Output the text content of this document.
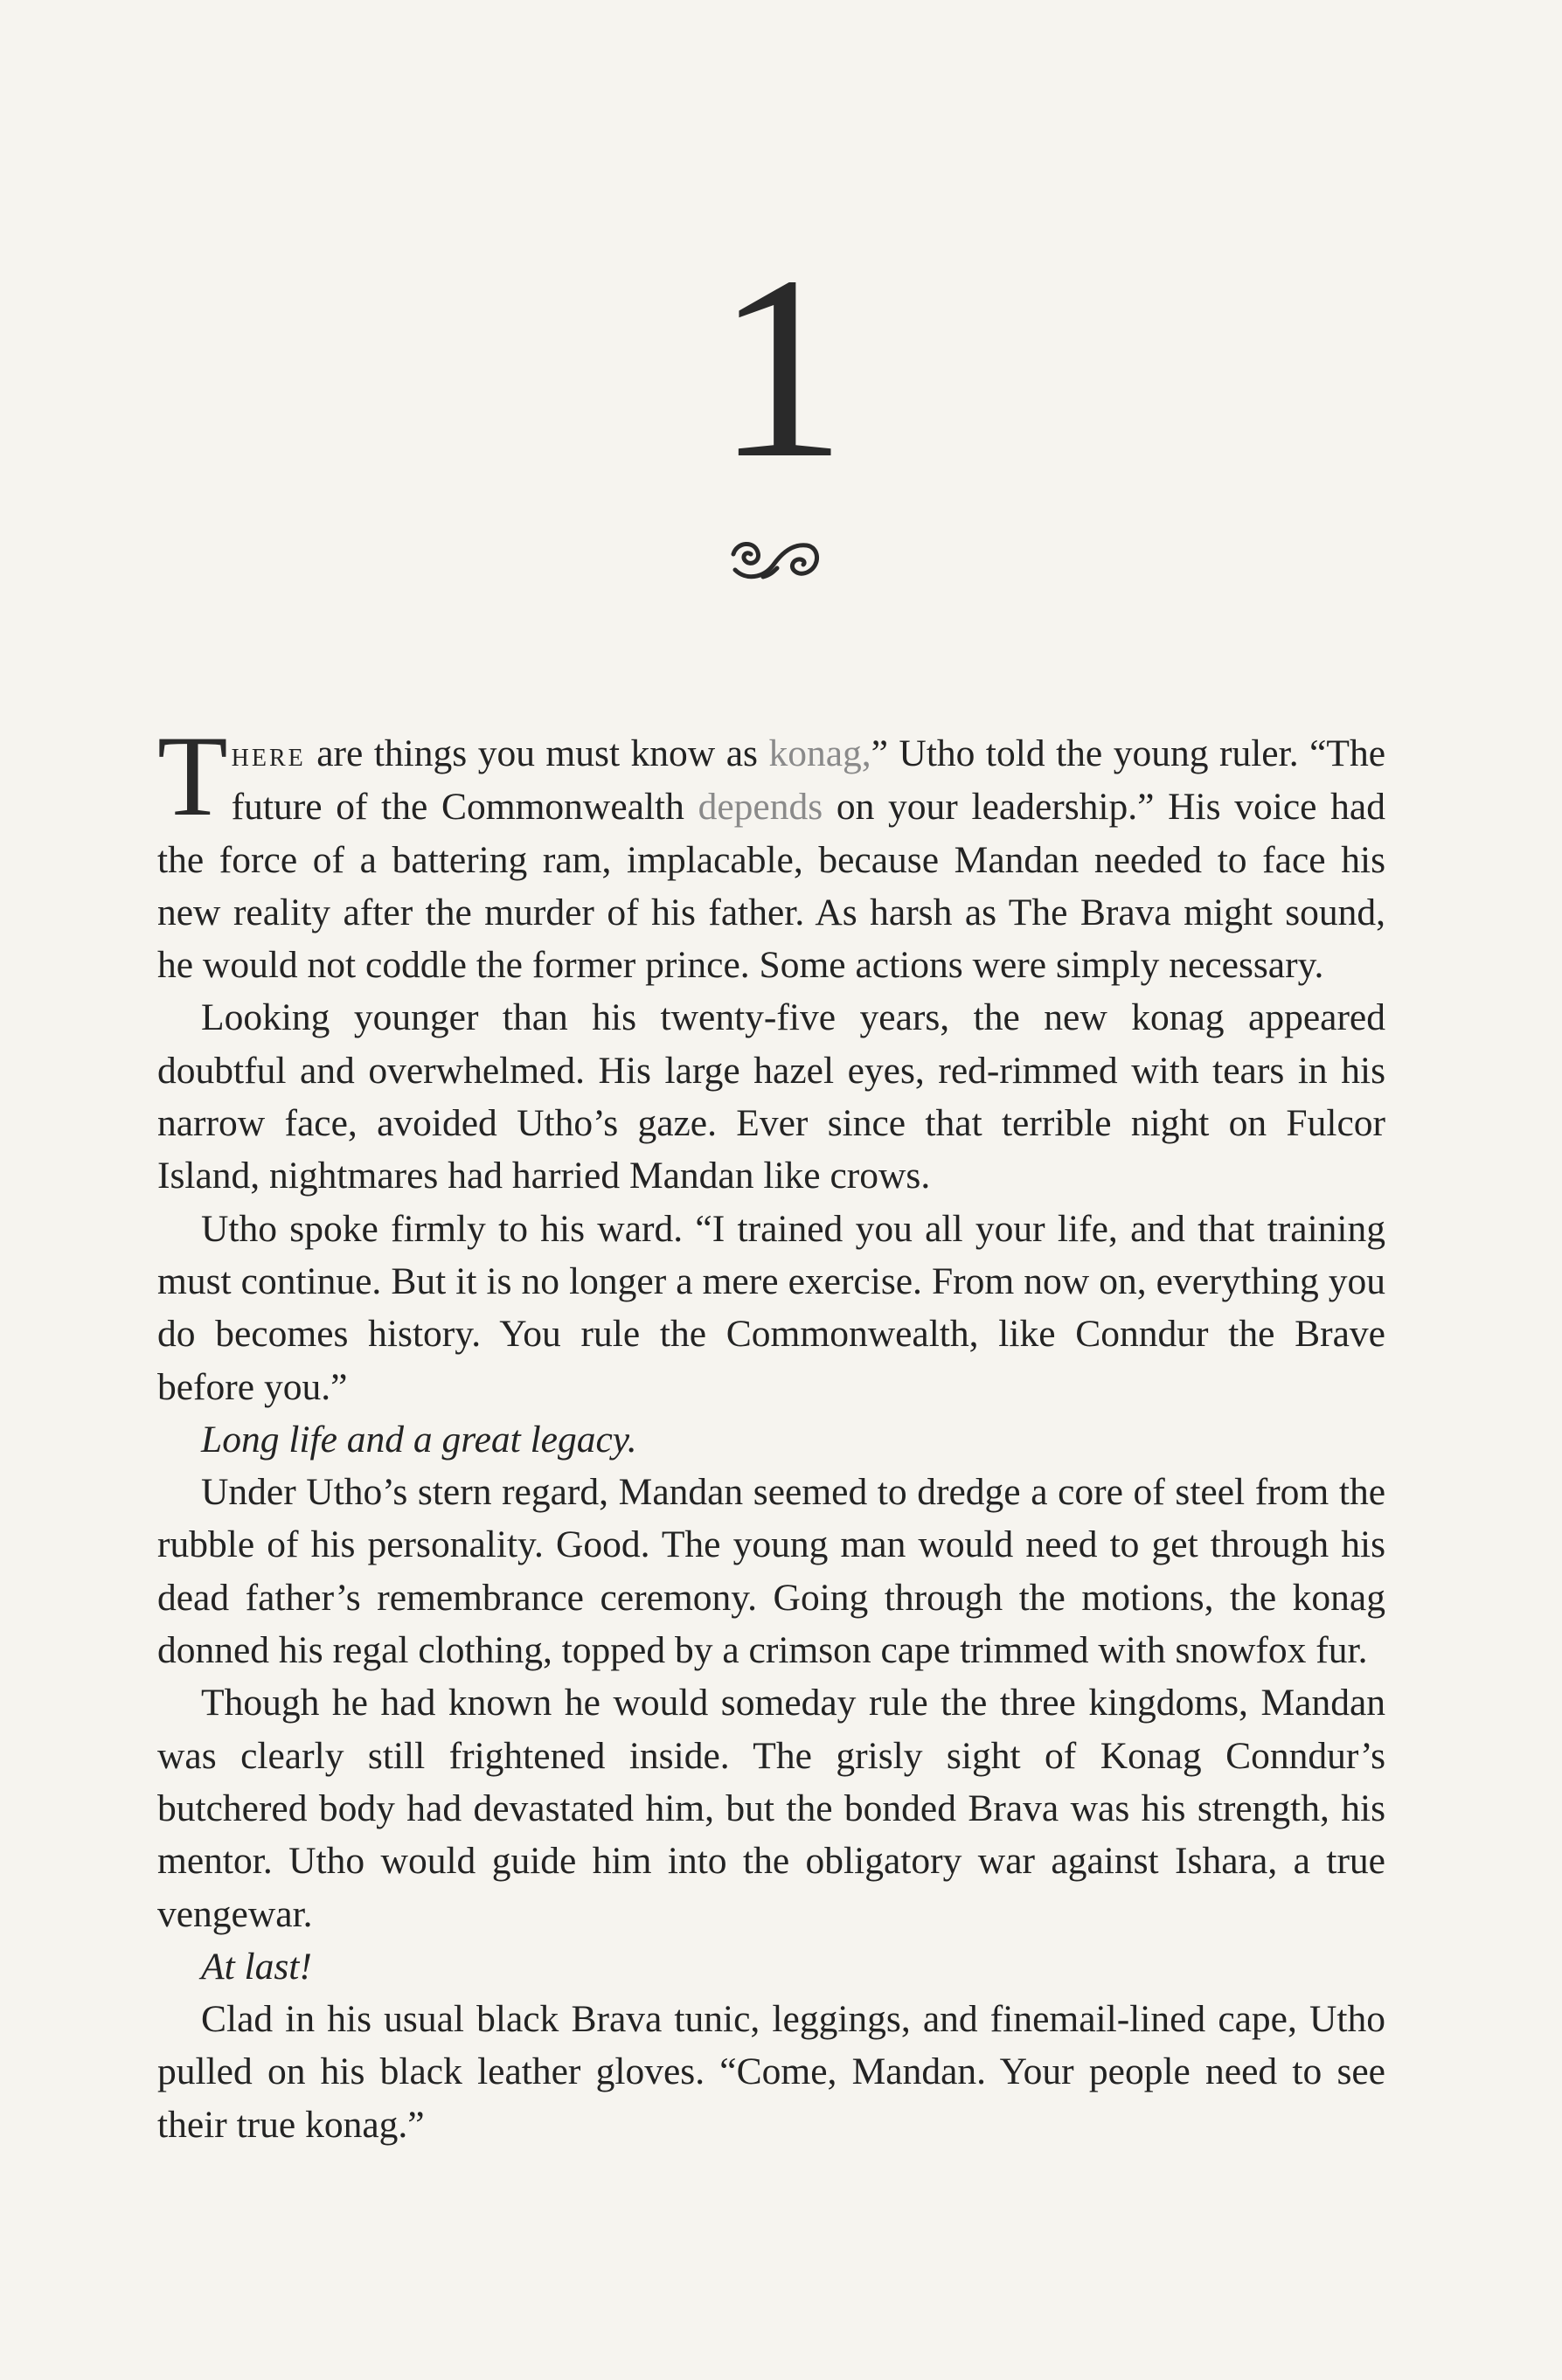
1

There are things you must know as konag,” Utho told the young ruler. “The future of the Commonwealth depends on your leadership.” His voice had the force of a battering ram, implacable, because Mandan needed to face his new reality after the murder of his father. As harsh as The Brava might sound, he would not coddle the former prince. Some actions were simply necessary.

Looking younger than his twenty-five years, the new konag appeared doubtful and overwhelmed. His large hazel eyes, red-rimmed with tears in his narrow face, avoided Utho’s gaze. Ever since that terrible night on Fulcor Island, nightmares had harried Mandan like crows.

Utho spoke firmly to his ward. “I trained you all your life, and that training must continue. But it is no longer a mere exercise. From now on, everything you do becomes history. You rule the Commonwealth, like Conndur the Brave before you.”

Long life and a great legacy.

Under Utho’s stern regard, Mandan seemed to dredge a core of steel from the rubble of his personality. Good. The young man would need to get through his dead father’s remembrance ceremony. Going through the motions, the konag donned his regal clothing, topped by a crimson cape trimmed with snowfox fur.

Though he had known he would someday rule the three kingdoms, Mandan was clearly still frightened inside. The grisly sight of Konag Conndur’s butchered body had devastated him, but the bonded Brava was his strength, his mentor. Utho would guide him into the obligatory war against Ishara, a true vengewar.

At last!

Clad in his usual black Brava tunic, leggings, and finemail-lined cape, Utho pulled on his black leather gloves. “Come, Mandan. Your people need to see their true konag.”
